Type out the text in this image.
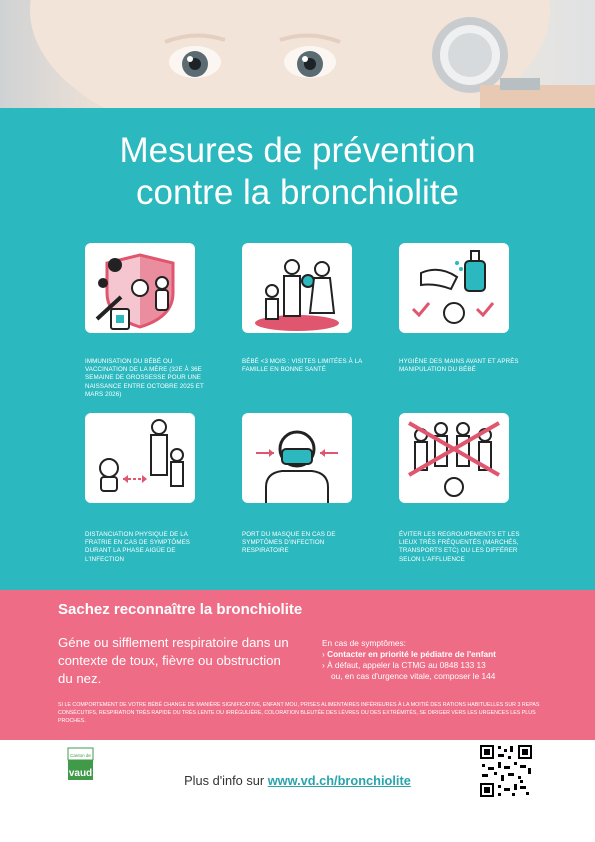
Mesures de prévention
contre la bronchiolite
IMMUNISATION DU BÉBÉ OU VACCINATION DE LA MÈRE (32E À 36E SEMAINE DE GROSSESSE POUR UNE NAISSANCE ENTRE OCTOBRE 2025 ET MARS 2026)
BÉBÉ <3 MOIS : VISITES LIMITÉES À LA FAMILLE EN BONNE SANTÉ
HYGIÈNE DES MAINS AVANT ET APRÈS MANIPULATION DU BÉBÉ
DISTANCIATION PHYSIQUE DE LA FRATRIE EN CAS DE SYMPTÔMES DURANT LA PHASE AIGÜE DE L'INFECTION
PORT DU MASQUE EN CAS DE SYMPTÔMES D'INFECTION RESPIRATOIRE
ÉVITER LES REGROUPEMENTS ET LES LIEUX TRÈS FRÉQUENTÉS (MARCHÉS, TRANSPORTS ETC) OU LES DIFFÉRER SELON L'AFFLUENCE
Sachez reconnaître la bronchiolite
Géne ou sifflement respiratoire dans un contexte de toux, fièvre ou obstruction du nez.
En cas de symptômes:
› Contacter en priorité le pédiatre de l'enfant
› À défaut, appeler la CTMG au 0848 133 13
ou, en cas d'urgence vitale, composer le 144
SI LE COMPORTEMENT DE VOTRE BÉBÉ CHANGE DE MANIÈRE SIGNIFICATIVE, ENFANT MOU, PRISES ALIMENTAIRES INFÉRIEURES À LA MOITIÉ DES RATIONS HABITUELLES SUR 3 REPAS CONSÉCUTIFS, RESPIRATION TRÈS RAPIDE OU TRÈS LENTE OU IRRÉGULIÈRE, COLORATION BLEUTÉE DES LÈVRES OU DES EXTRÉMITÉS, SE DIRIGER VERS LES URGENCES LES PLUS PROCHES.
vaud
Canton de
Plus d'info sur www.vd.ch/bronchiolite
